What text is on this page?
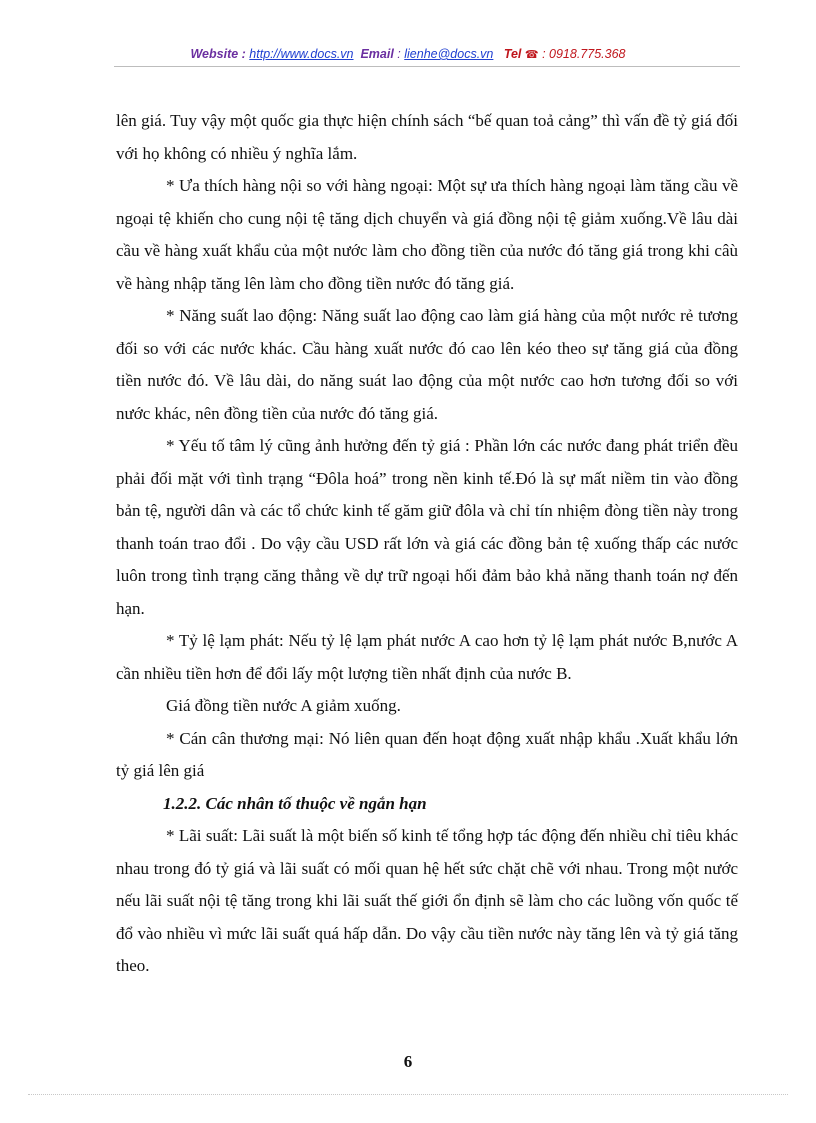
Website : http://www.docs.vn Email : lienhe@docs.vn Tel ☎ : 0918.775.368

lên giá. Tuy vậy một quốc gia thực hiện chính sách “bế quan toả cảng” thì vấn đề tỷ giá đối với họ không có nhiều ý nghĩa lắm.

* Ưa thích hàng nội so với hàng ngoại: Một sự ưa thích hàng ngoại làm tăng cầu về ngoại tệ khiến cho cung nội tệ tăng dịch chuyển và giá đồng nội tệ giảm xuống.Về lâu dài cầu về hàng xuất khẩu của một nước làm cho đồng tiền của nước đó tăng giá trong khi câù về hàng nhập tăng lên làm cho đồng tiền nước đó tăng giá.

* Năng suất lao động: Năng suất lao động cao làm giá hàng của một nước rẻ tương đối so với các nước khác. Cầu hàng xuất nước đó cao lên kéo theo sự tăng giá của đồng tiền nước đó. Về lâu dài, do năng suát lao động của một nước cao hơn tương đối so với nước khác, nên đồng tiền của nước đó tăng giá.

* Yếu tố tâm lý cũng ảnh hưởng đến tỷ giá : Phần lớn các nước đang phát triển đều phải đối mặt với tình trạng “Đôla hoá” trong nền kinh tế.Đó là sự mất niềm tin vào đồng bản tệ, người dân và các tổ chức kinh tế găm giữ đôla và chỉ tín nhiệm đòng tiền này trong thanh toán trao đổi . Do vậy cầu USD rất lớn và giá các đồng bản tệ xuống thấp các nước luôn trong tình trạng căng thẳng về dự trữ ngoại hối đảm bảo khả năng thanh toán nợ đến hạn.

* Tỷ lệ lạm phát: Nếu tỷ lệ lạm phát nước A cao hơn tỷ lệ lạm phát nước B,nước A cần nhiều tiền hơn để đổi lấy một lượng tiền nhất định của nước B.

Giá đồng tiền nước A giảm xuống.

* Cán cân thương mại: Nó liên quan đến hoạt động xuất nhập khẩu .Xuất khẩu lớn tỷ giá lên giá

1.2.2. Các nhân tố thuộc về ngắn hạn

* Lãi suất: Lãi suất là một biến số kinh tế tổng hợp tác động đến nhiều chỉ tiêu khác nhau trong đó tỷ giá và lãi suất có mối quan hệ hết sức chặt chẽ với nhau. Trong một nước nếu lãi suất nội tệ tăng trong khi lãi suất thế giới ổn định sẽ làm cho các luồng vốn quốc tế đổ vào nhiều vì mức lãi suất quá hấp dẫn. Do vậy cầu tiền nước này tăng lên và tỷ giá tăng theo.

6
